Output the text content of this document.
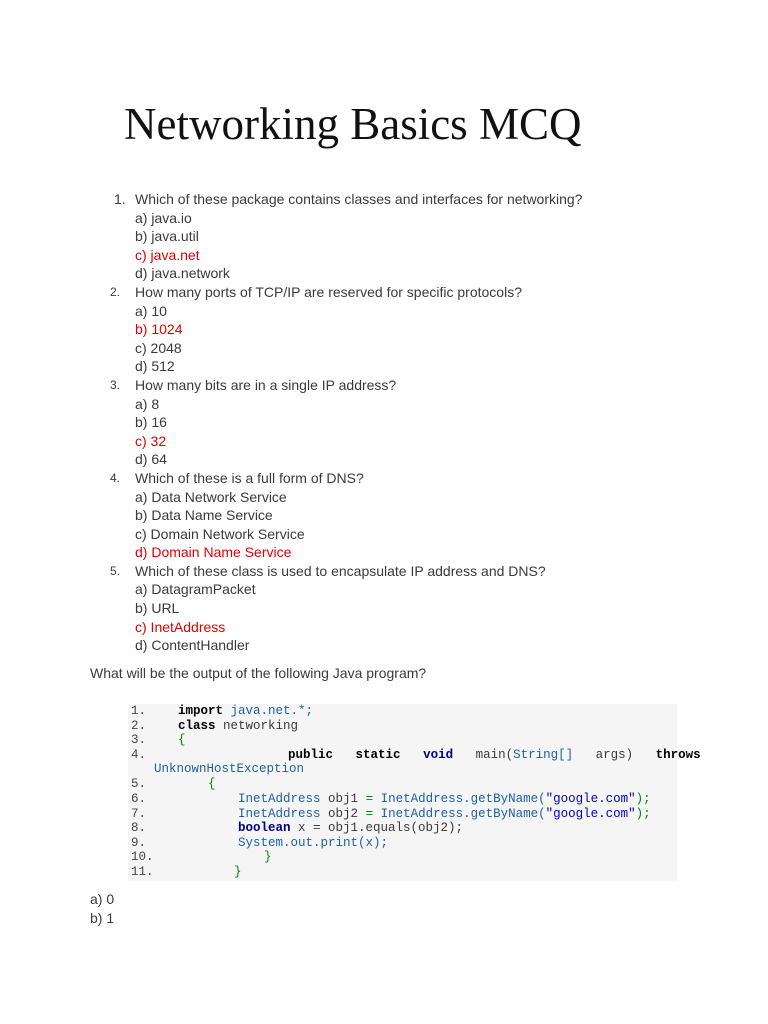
Networking Basics MCQ
1. Which of these package contains classes and interfaces for networking?
a) java.io
b) java.util
c) java.net
d) java.network
2.	How many ports of TCP/IP are reserved for specific protocols?
a) 10
b) 1024
c) 2048
d) 512
3.	How many bits are in a single IP address?
a) 8
b) 16
c) 32
d) 64
4.	Which of these is a full form of DNS?
a) Data Network Service
b) Data Name Service
c) Domain Network Service
d) Domain Name Service
5.	Which of these class is used to encapsulate IP address and DNS?
a) DatagramPacket
b) URL
c) InetAddress
d) ContentHandler
What will be the output of the following Java program?
1.
2.
3.
4.
5.
6.
7.
8.
9.
10.
11.
import java.net.*;
class networking
{
public static void main(String[] args) throws
UnknownHostException
{
InetAddress obj1 = InetAddress.getByName("google.com");
InetAddress obj2 = InetAddress.getByName("google.com");
boolean x = obj1.equals(obj2);
System.out.print(x);
}
}
a) 0
b) 1
